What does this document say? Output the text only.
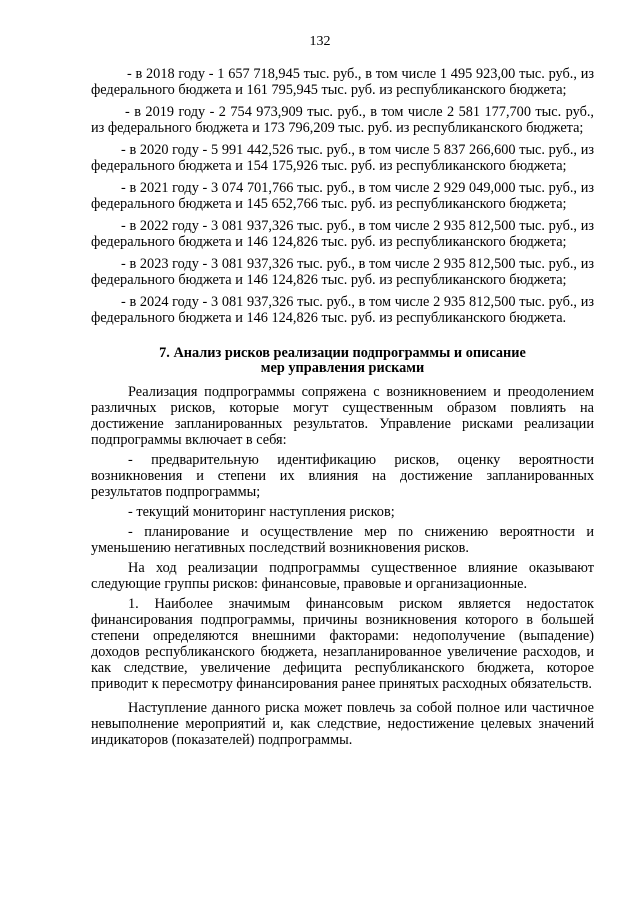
132

- в 2018 году - 1 657 718,945 тыс. руб., в том числе 1 495 923,00 тыс. руб., из федерального бюджета и 161 795,945 тыс. руб. из республиканского бюджета;

- в 2019 году - 2 754 973,909 тыс. руб., в том числе 2 581 177,700 тыс. руб., из федерального бюджета и 173 796,209 тыс. руб. из республиканского бюджета;

- в 2020 году - 5 991 442,526 тыс. руб., в том числе 5 837 266,600 тыс. руб., из федерального бюджета и 154 175,926 тыс. руб. из республиканского бюджета;

- в 2021 году - 3 074 701,766 тыс. руб., в том числе 2 929 049,000 тыс. руб., из федерального бюджета и 145 652,766 тыс. руб. из республиканского бюджета;

- в 2022 году - 3 081 937,326 тыс. руб., в том числе 2 935 812,500 тыс. руб., из федерального бюджета и 146 124,826 тыс. руб. из республиканского бюджета;

- в 2023 году - 3 081 937,326 тыс. руб., в том числе 2 935 812,500 тыс. руб., из федерального бюджета и 146 124,826 тыс. руб. из республиканского бюджета;

- в 2024 году - 3 081 937,326 тыс. руб., в том числе 2 935 812,500 тыс. руб., из федерального бюджета и 146 124,826 тыс. руб. из республиканского бюджета.

7. Анализ рисков реализации подпрограммы и описание
мер управления рисками

Реализация подпрограммы сопряжена с возникновением и преодолением различных рисков, которые могут существенным образом повлиять на достижение запланированных результатов. Управление рисками реализации подпрограммы включает в себя:

- предварительную идентификацию рисков, оценку вероятности возникновения и степени их влияния на достижение запланированных результатов подпрограммы;

- текущий мониторинг наступления рисков;

- планирование и осуществление мер по снижению вероятности и уменьшению негативных последствий возникновения рисков.

На ход реализации подпрограммы существенное влияние оказывают следующие группы рисков: финансовые, правовые и организационные.

1. Наиболее значимым финансовым риском является недостаток финансирования подпрограммы, причины возникновения которого в большей степени определяются внешними факторами: недополучение (выпадение) доходов республиканского бюджета, незапланированное увеличение расходов, и как следствие, увеличение дефицита республиканского бюджета, которое приводит к пересмотру финансирования ранее принятых расходных обязательств.

Наступление данного риска может повлечь за собой полное или частичное невыполнение мероприятий и, как следствие, недостижение целевых значений индикаторов (показателей) подпрограммы.
